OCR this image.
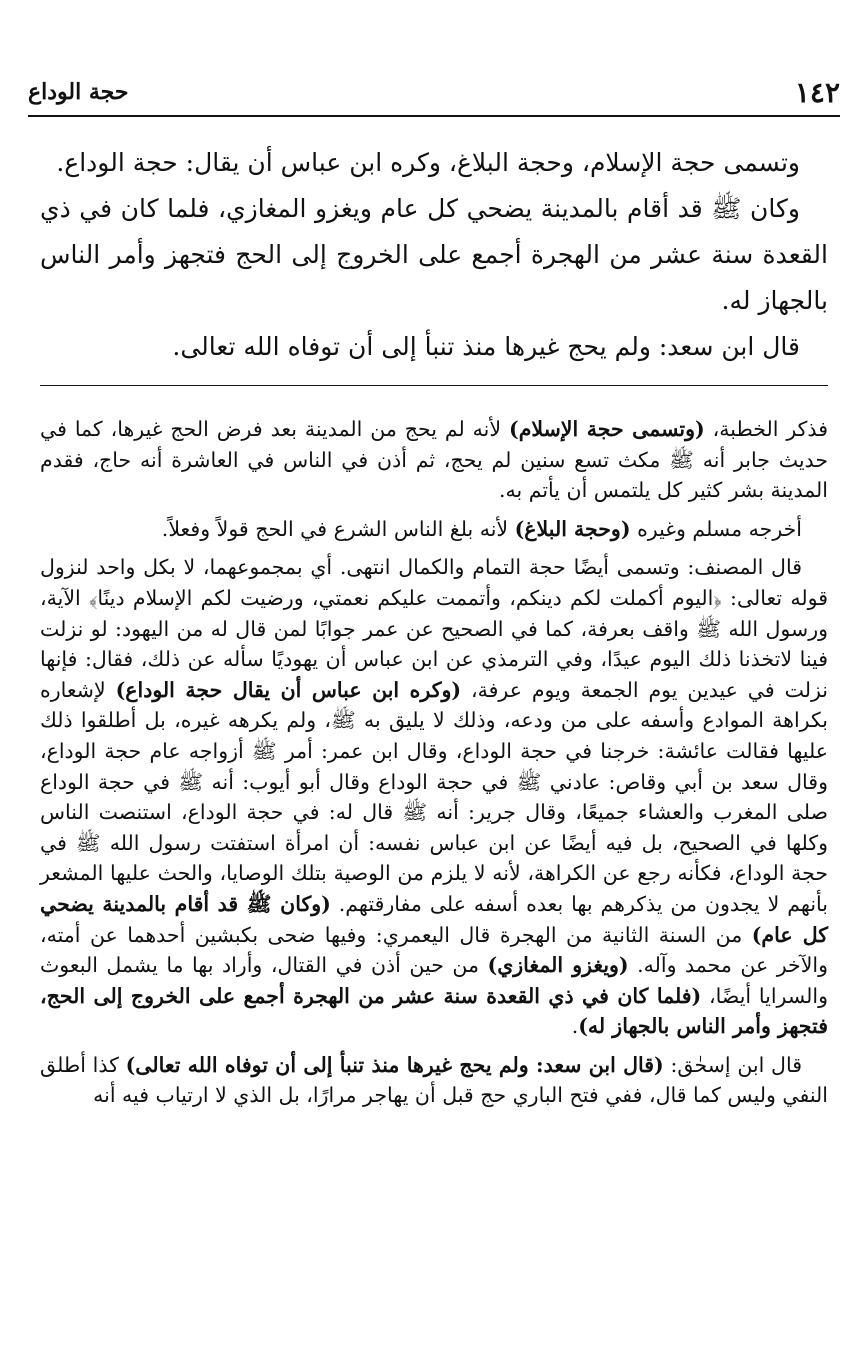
١٤٢
حجة الوداع

وتسمى حجة الإسلام، وحجة البلاغ، وكره ابن عباس أن يقال: حجة الوداع.

وكان ﷺ قد أقام بالمدينة يضحي كل عام ويغزو المغازي، فلما كان في ذي القعدة سنة عشر من الهجرة أجمع على الخروج إلى الحج فتجهز وأمر الناس بالجهاز له.

قال ابن سعد: ولم يحج غيرها منذ تنبأ إلى أن توفاه الله تعالى.

فذكر الخطبة، (وتسمى حجة الإسلام) لأنه لم يحج من المدينة بعد فرض الحج غيرها، كما في حديث جابر أنه ﷺ مكث تسع سنين لم يحج، ثم أذن في الناس في العاشرة أنه حاج، فقدم المدينة بشر كثير كل يلتمس أن يأتم به.

أخرجه مسلم وغيره (وحجة البلاغ) لأنه بلغ الناس الشرع في الحج قولاً وفعلاً.

قال المصنف: وتسمى أيضًا حجة التمام والكمال انتهى. أي بمجموعهما، لا بكل واحد لنزول قوله تعالى: ﴿اليوم أكملت لكم دينكم، وأتممت عليكم نعمتي، ورضيت لكم الإسلام دينًا﴾ الآية، ورسول الله ﷺ واقف بعرفة، كما في الصحيح عن عمر جوابًا لمن قال له من اليهود: لو نزلت فينا لاتخذنا ذلك اليوم عيدًا، وفي الترمذي عن ابن عباس أن يهوديًا سأله عن ذلك، فقال: فإنها نزلت في عيدين يوم الجمعة ويوم عرفة، (وكره ابن عباس أن يقال حجة الوداع) لإشعاره بكراهة الموادع وأسفه على من ودعه، وذلك لا يليق به ﷺ، ولم يكرهه غيره، بل أطلقوا ذلك عليها فقالت عائشة: خرجنا في حجة الوداع، وقال ابن عمر: أمر ﷺ أزواجه عام حجة الوداع، وقال سعد بن أبي وقاص: عادني ﷺ في حجة الوداع وقال أبو أيوب: أنه ﷺ في حجة الوداع صلى المغرب والعشاء جميعًا، وقال جرير: أنه ﷺ قال له: في حجة الوداع، استنصت الناس وكلها في الصحيح، بل فيه أيضًا عن ابن عباس نفسه: أن امرأة استفتت رسول الله ﷺ في حجة الوداع، فكأنه رجع عن الكراهة، لأنه لا يلزم من الوصية بتلك الوصايا، والحث عليها المشعر بأنهم لا يجدون من يذكرهم بها بعده أسفه على مفارقتهم. (وكان ﷺ قد أقام بالمدينة يضحي كل عام) من السنة الثانية من الهجرة قال اليعمري: وفيها ضحى بكبشين أحدهما عن أمته، والآخر عن محمد وآله. (ويغزو المغازي) من حين أذن في القتال، وأراد بها ما يشمل البعوث والسرايا أيضًا، (فلما كان في ذي القعدة سنة عشر من الهجرة أجمع على الخروج إلى الحج، فتجهز وأمر الناس بالجهاز له).

قال ابن إسحٰق: (قال ابن سعد: ولم يحج غيرها منذ تنبأ إلى أن توفاه الله تعالى) كذا أطلق النفي وليس كما قال، ففي فتح الباري حج قبل أن يهاجر مرارًا، بل الذي لا ارتياب فيه أنه
